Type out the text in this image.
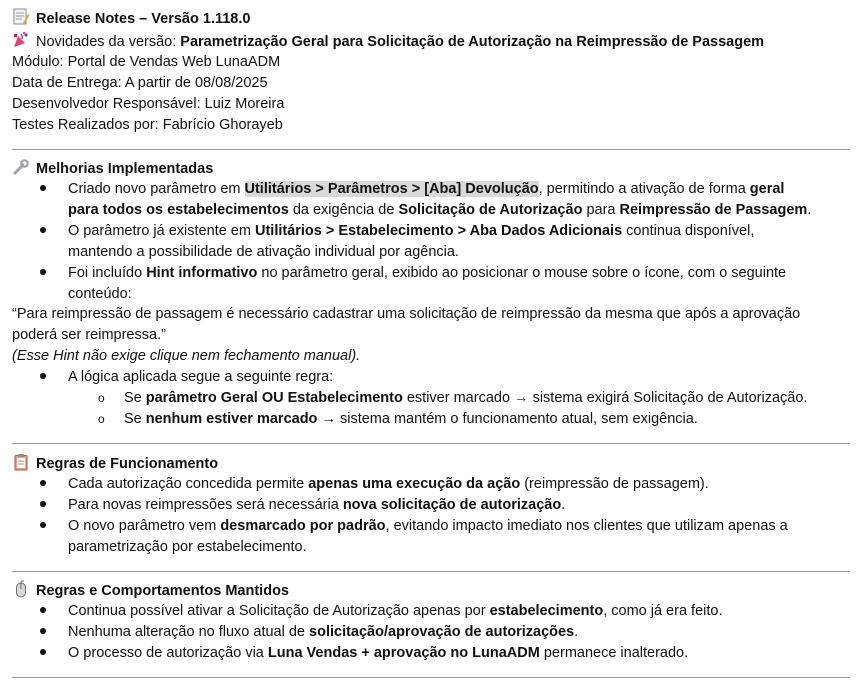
Release Notes – Versão 1.118.0
Novidades da versão: Parametrização Geral para Solicitação de Autorização na Reimpressão de Passagem
Módulo: Portal de Vendas Web LunaADM
Data de Entrega: A partir de 08/08/2025
Desenvolvedor Responsável: Luiz Moreira
Testes Realizados por: Fabrício Ghorayeb
Melhorias Implementadas
Criado novo parâmetro em Utilitários > Parâmetros > [Aba] Devolução, permitindo a ativação de forma geral
para todos os estabelecimentos da exigência de Solicitação de Autorização para Reimpressão de Passagem.
O parâmetro já existente em Utilitários > Estabelecimento > Aba Dados Adicionais continua disponível,
mantendo a possibilidade de ativação individual por agência.
Foi incluído Hint informativo no parâmetro geral, exibido ao posicionar o mouse sobre o ícone, com o seguinte
conteúdo:
“Para reimpressão de passagem é necessário cadastrar uma solicitação de reimpressão da mesma que após a aprovação
poderá ser reimpressa.”
(Esse Hint não exige clique nem fechamento manual).
A lógica aplicada segue a seguinte regra:
o Se parâmetro Geral OU Estabelecimento estiver marcado → sistema exigirá Solicitação de Autorização.
o Se nenhum estiver marcado → sistema mantém o funcionamento atual, sem exigência.
Regras de Funcionamento
Cada autorização concedida permite apenas uma execução da ação (reimpressão de passagem).
Para novas reimpressões será necessária nova solicitação de autorização.
O novo parâmetro vem desmarcado por padrão, evitando impacto imediato nos clientes que utilizam apenas a
parametrização por estabelecimento.
Regras e Comportamentos Mantidos
Continua possível ativar a Solicitação de Autorização apenas por estabelecimento, como já era feito.
Nenhuma alteração no fluxo atual de solicitação/aprovação de autorizações.
O processo de autorização via Luna Vendas + aprovação no LunaADM permanece inalterado.
